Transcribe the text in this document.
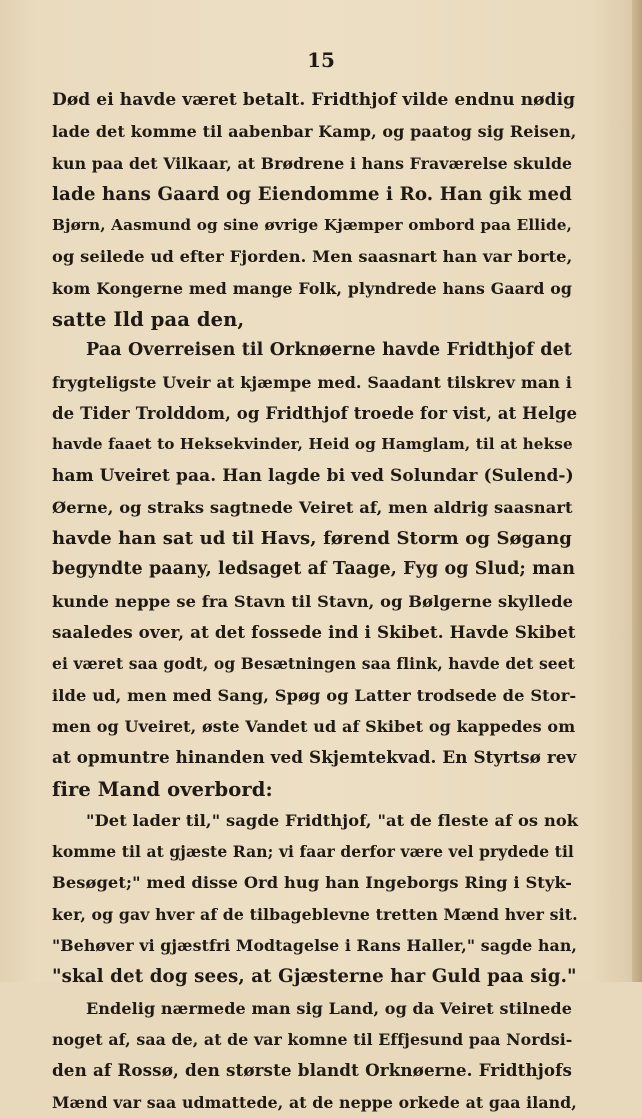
15
Død ei havde været betalt. Fridthjof vilde endnu nødig
lade det komme til aabenbar Kamp, og paatog sig Reisen,
kun paa det Vilkaar, at Brødrene i hans Fraværelse skulde
lade hans Gaard og Eiendomme i Ro. Han gik med
Bjørn, Aasmund og sine øvrige Kjæmper ombord paa Ellide,
og seilede ud efter Fjorden. Men saasnart han var borte,
kom Kongerne med mange Folk, plyndrede hans Gaard og
satte Ild paa den,
Paa Overreisen til Orknøerne havde Fridthjof det
frygteligste Uveir at kjæmpe med. Saadant tilskrev man i
de Tider Trolddom, og Fridthjof troede for vist, at Helge
havde faaet to Heksekvinder, Heid og Hamglam, til at hekse
ham Uveiret paa. Han lagde bi ved Solundar (Sulend-)
Øerne, og straks sagtnede Veiret af, men aldrig saasnart
havde han sat ud til Havs, førend Storm og Søgang
begyndte paany, ledsaget af Taage, Fyg og Slud; man
kunde neppe se fra Stavn til Stavn, og Bølgerne skyllede
saaledes over, at det fossede ind i Skibet. Havde Skibet
ei været saa godt, og Besætningen saa flink, havde det seet
ilde ud, men med Sang, Spøg og Latter trodsede de Stor-
men og Uveiret, øste Vandet ud af Skibet og kappedes om
at opmuntre hinanden ved Skjemtekvad. En Styrtsø rev
fire Mand overbord:
"Det lader til," sagde Fridthjof, "at de fleste af os nok
komme til at gjæste Ran; vi faar derfor være vel prydede til
Besøget;" med disse Ord hug han Ingeborgs Ring i Styk-
ker, og gav hver af de tilbageblevne tretten Mænd hver sit.
"Behøver vi gjæstfri Modtagelse i Rans Haller," sagde han,
"skal det dog sees, at Gjæsterne har Guld paa sig."
Endelig nærmede man sig Land, og da Veiret stilnede
noget af, saa de, at de var komne til Effjesund paa Nordsi-
den af Rossø, den største blandt Orknøerne. Fridthjofs
Mænd var saa udmattede, at de neppe orkede at gaa iland,
